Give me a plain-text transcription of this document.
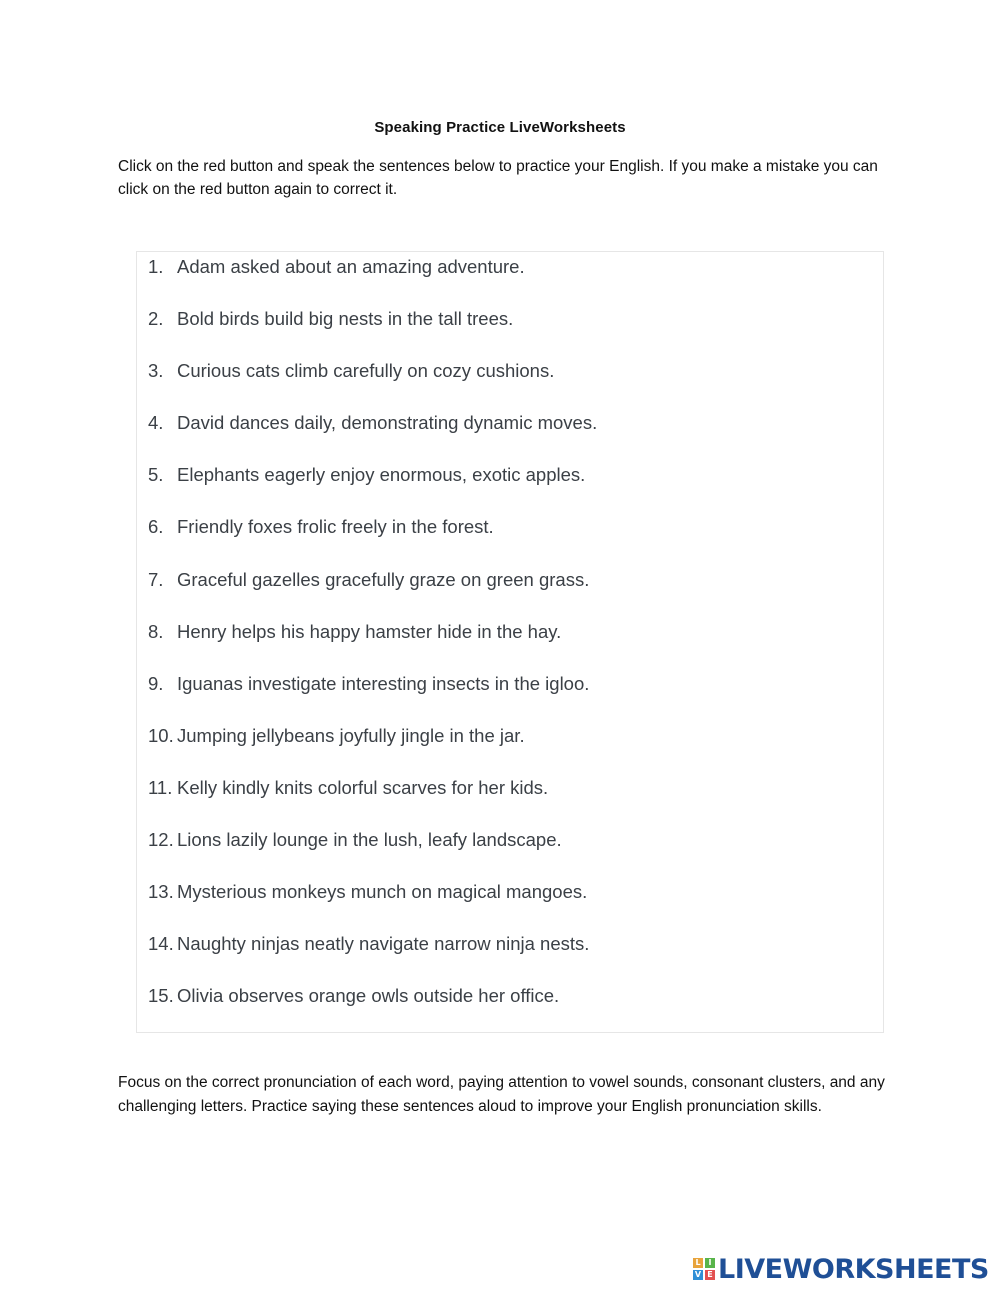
Speaking Practice LiveWorksheets
Click on the red button and speak the sentences below to practice your English. If you make a mistake you can click on the red button again to correct it.
1. Adam asked about an amazing adventure.
2. Bold birds build big nests in the tall trees.
3. Curious cats climb carefully on cozy cushions.
4. David dances daily, demonstrating dynamic moves.
5. Elephants eagerly enjoy enormous, exotic apples.
6. Friendly foxes frolic freely in the forest.
7. Graceful gazelles gracefully graze on green grass.
8. Henry helps his happy hamster hide in the hay.
9. Iguanas investigate interesting insects in the igloo.
10. Jumping jellybeans joyfully jingle in the jar.
11. Kelly kindly knits colorful scarves for her kids.
12. Lions lazily lounge in the lush, leafy landscape.
13. Mysterious monkeys munch on magical mangoes.
14. Naughty ninjas neatly navigate narrow ninja nests.
15. Olivia observes orange owls outside her office.
Focus on the correct pronunciation of each word, paying attention to vowel sounds, consonant clusters, and any challenging letters. Practice saying these sentences aloud to improve your English pronunciation skills.
L I
V E LIVEWORKSHEETS
